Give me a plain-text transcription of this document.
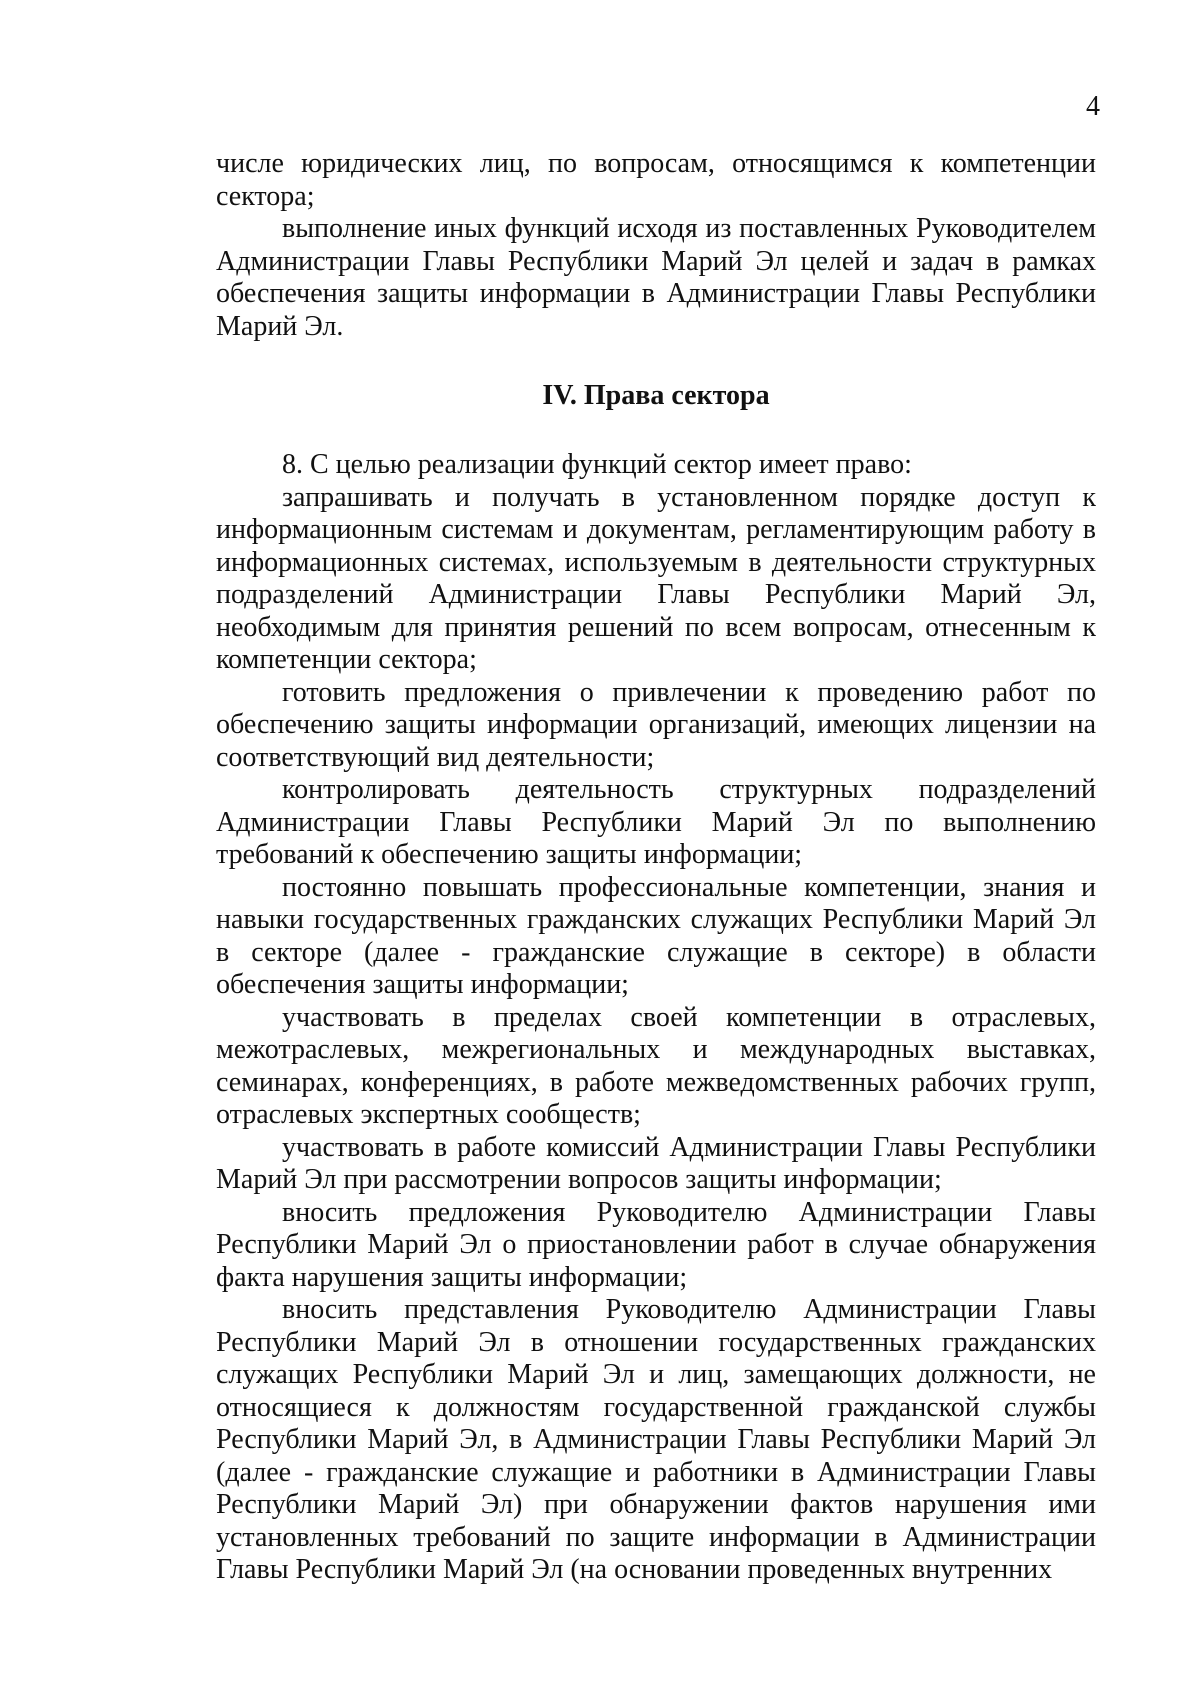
4

числе юридических лиц, по вопросам, относящимся к компетенции сектора;

выполнение иных функций исходя из поставленных Руководителем Администрации Главы Республики Марий Эл целей и задач в рамках обеспечения защиты информации в Администрации Главы Республики Марий Эл.

IV. Права сектора

8. С целью реализации функций сектор имеет право:

запрашивать и получать в установленном порядке доступ к информационным системам и документам, регламентирующим работу в информационных системах, используемым в деятельности структурных подразделений Администрации Главы Республики Марий Эл, необходимым для принятия решений по всем вопросам, отнесенным к компетенции сектора;

готовить предложения о привлечении к проведению работ по обеспечению защиты информации организаций, имеющих лицензии на соответствующий вид деятельности;

контролировать деятельность структурных подразделений Администрации Главы Республики Марий Эл по выполнению требований к обеспечению защиты информации;

постоянно повышать профессиональные компетенции, знания и навыки государственных гражданских служащих Республики Марий Эл в секторе (далее - гражданские служащие в секторе) в области обеспечения защиты информации;

участвовать в пределах своей компетенции в отраслевых, межотраслевых, межрегиональных и международных выставках, семинарах, конференциях, в работе межведомственных рабочих групп, отраслевых экспертных сообществ;

участвовать в работе комиссий Администрации Главы Республики Марий Эл при рассмотрении вопросов защиты информации;

вносить предложения Руководителю Администрации Главы Республики Марий Эл о приостановлении работ в случае обнаружения факта нарушения защиты информации;

вносить представления Руководителю Администрации Главы Республики Марий Эл в отношении государственных гражданских служащих Республики Марий Эл и лиц, замещающих должности, не относящиеся к должностям государственной гражданской службы Республики Марий Эл, в Администрации Главы Республики Марий Эл (далее - гражданские служащие и работники в Администрации Главы Республики Марий Эл) при обнаружении фактов нарушения ими установленных требований по защите информации в Администрации Главы Республики Марий Эл (на основании проведенных внутренних
